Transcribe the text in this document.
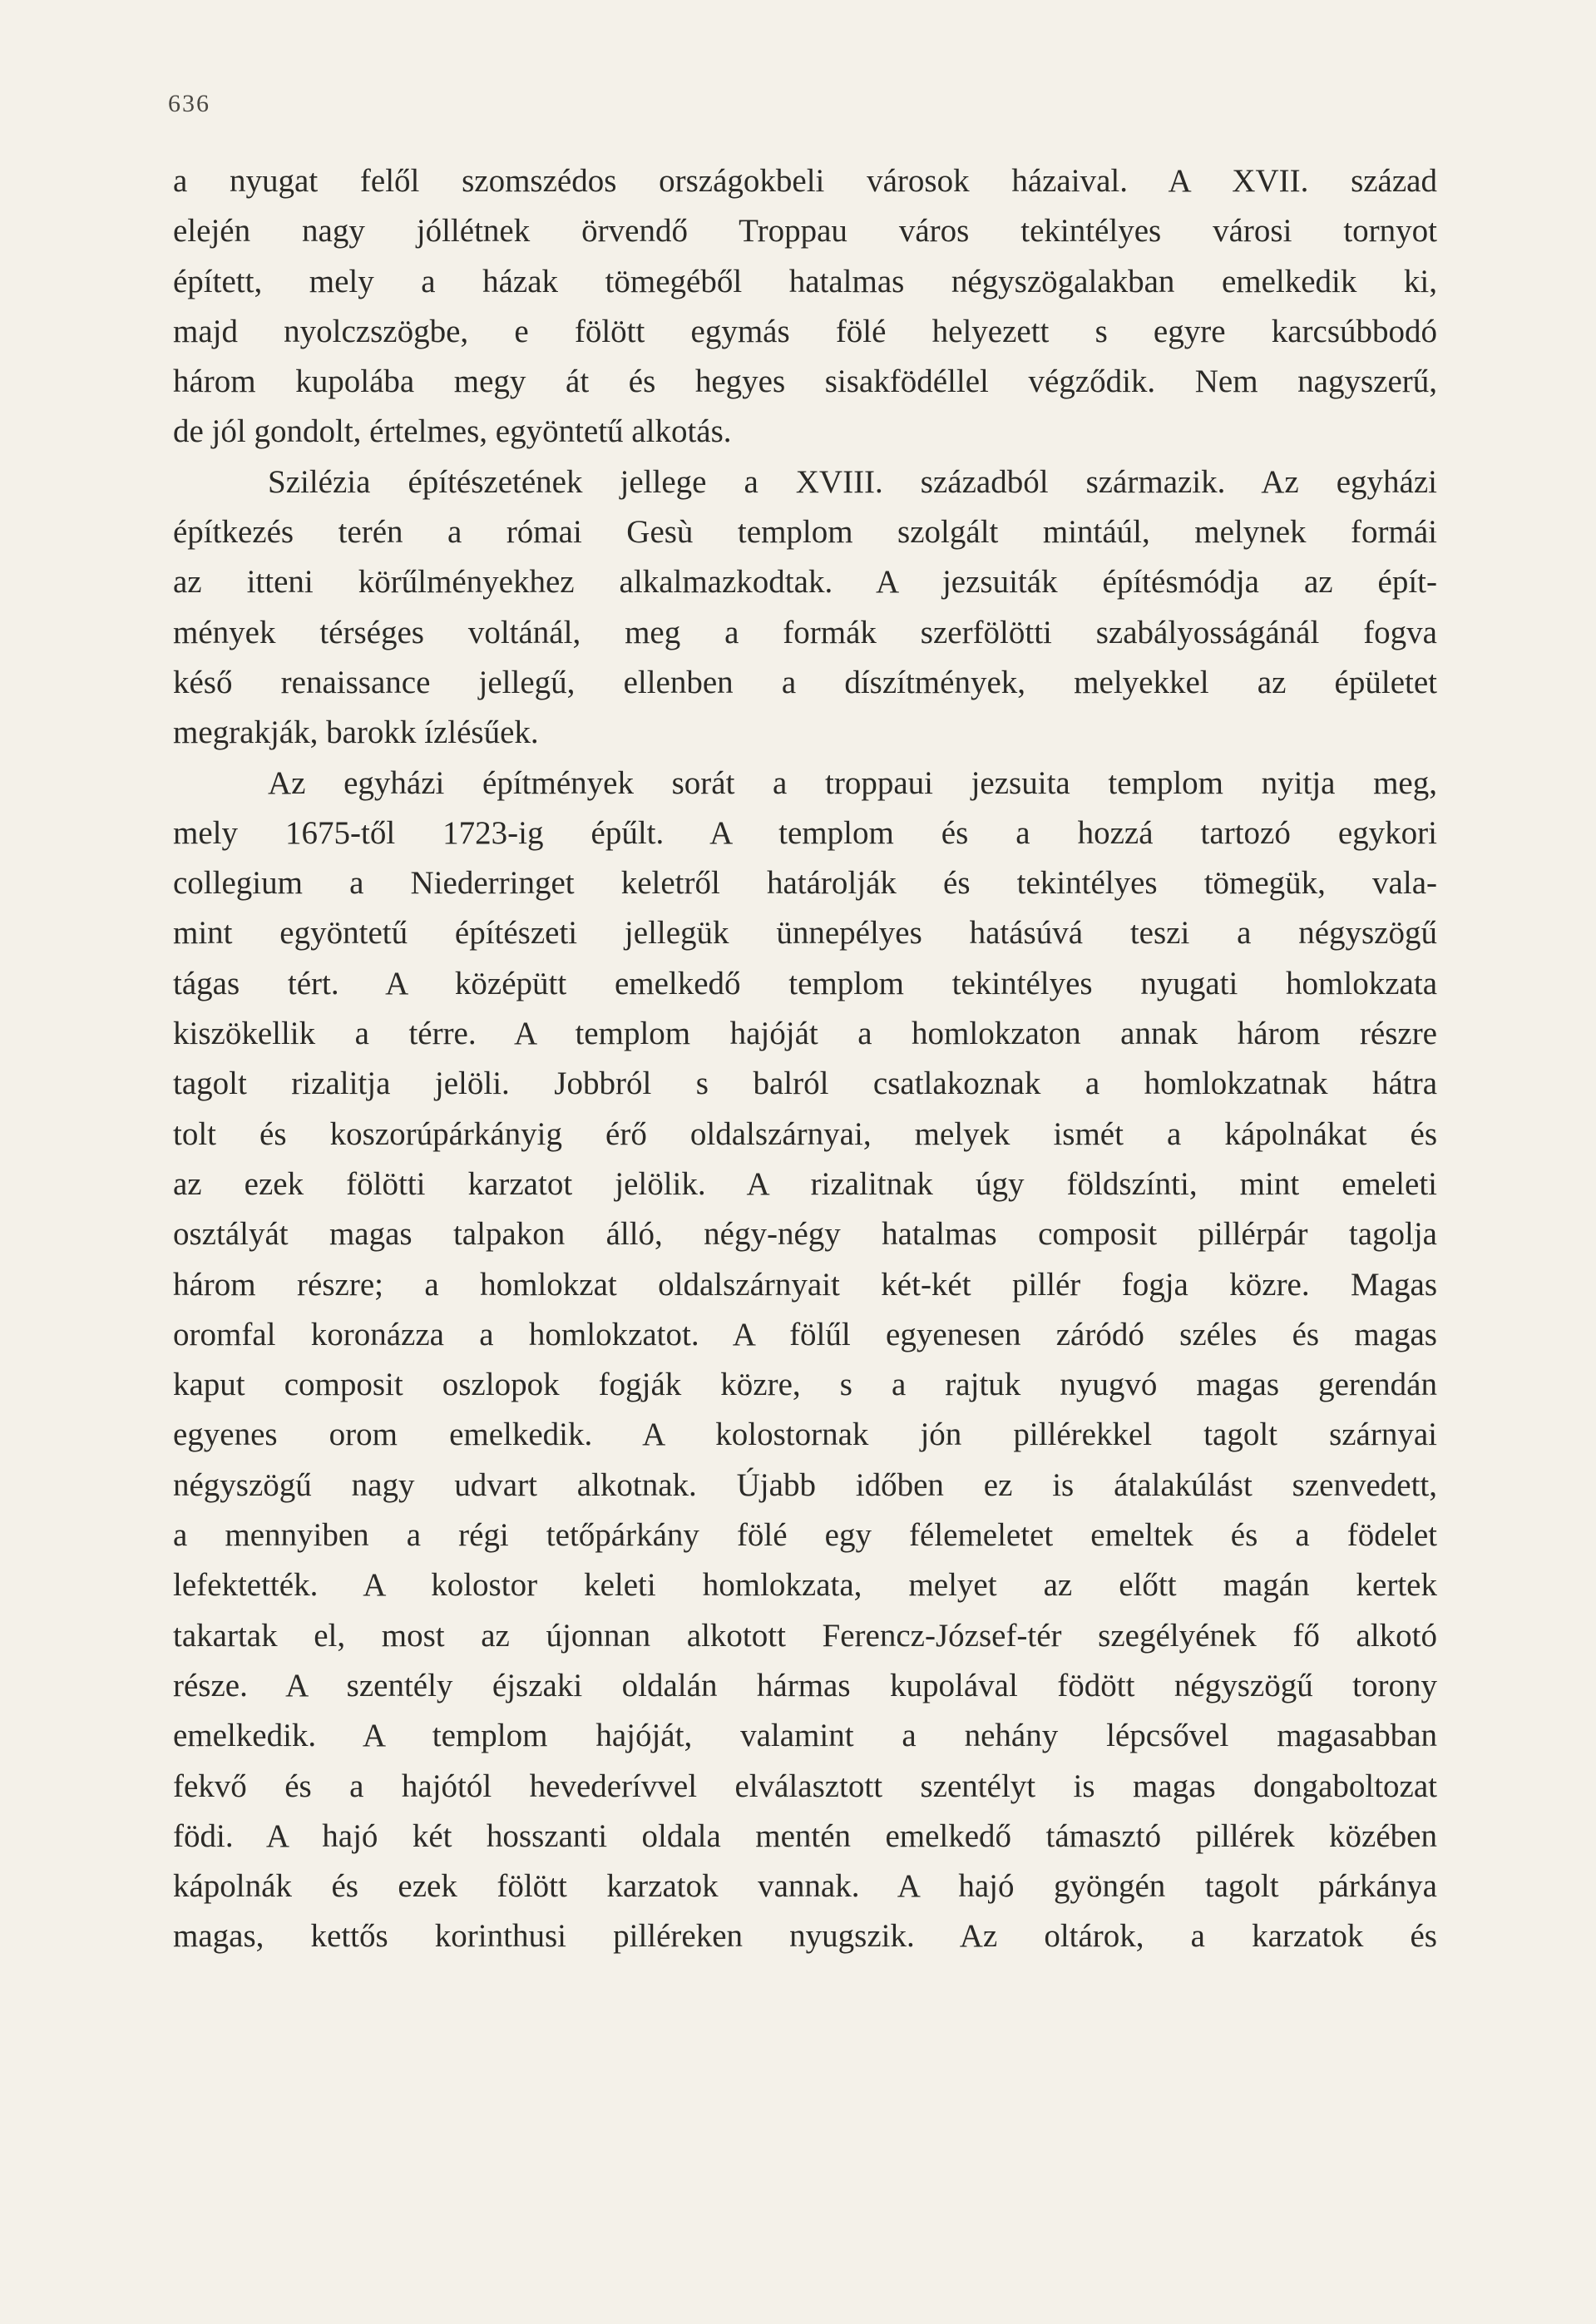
636
a nyugat felől szomszédos országokbeli városok házaival. A XVII. század
elején nagy jóllétnek örvendő Troppau város tekintélyes városi tornyot
épített, mely a házak tömegéből hatalmas négyszögalakban emelkedik ki,
majd nyolczszögbe, e fölött egymás fölé helyezett s egyre karcsúbbodó
három kupolába megy át és hegyes sisakfödéllel végződik. Nem nagyszerű,
de jól gondolt, értelmes, egyöntetű alkotás.
Szilézia építészetének jellege a XVIII. századból származik. Az egyházi
építkezés terén a római Gesù templom szolgált mintáúl, melynek formái
az itteni körűlményekhez alkalmazkodtak. A jezsuiták építésmódja az épít-
mények térséges voltánál, meg a formák szerfölötti szabályosságánál fogva
késő renaissance jellegű, ellenben a díszítmények, melyekkel az épületet
megrakják, barokk ízlésűek.
Az egyházi építmények sorát a troppaui jezsuita templom nyitja meg,
mely 1675-től 1723-ig épűlt. A templom és a hozzá tartozó egykori
collegium a Niederringet keletről határolják és tekintélyes tömegük, vala-
mint egyöntetű építészeti jellegük ünnepélyes hatásúvá teszi a négyszögű
tágas tért. A középütt emelkedő templom tekintélyes nyugati homlokzata
kiszökellik a térre. A templom hajóját a homlokzaton annak három részre
tagolt rizalitja jelöli. Jobbról s balról csatlakoznak a homlokzatnak hátra
tolt és koszorúpárkányig érő oldalszárnyai, melyek ismét a kápolnákat és
az ezek fölötti karzatot jelölik. A rizalitnak úgy földszínti, mint emeleti
osztályát magas talpakon álló, négy-négy hatalmas composit pillérpár tagolja
három részre; a homlokzat oldalszárnyait két-két pillér fogja közre. Magas
oromfal koronázza a homlokzatot. A fölűl egyenesen záródó széles és magas
kaput composit oszlopok fogják közre, s a rajtuk nyugvó magas gerendán
egyenes orom emelkedik. A kolostornak jón pillérekkel tagolt szárnyai
négyszögű nagy udvart alkotnak. Újabb időben ez is átalakúlást szenvedett,
a mennyiben a régi tetőpárkány fölé egy félemeletet emeltek és a födelet
lefektették. A kolostor keleti homlokzata, melyet az előtt magán kertek
takartak el, most az újonnan alkotott Ferencz-József-tér szegélyének fő alkotó
része. A szentély éjszaki oldalán hármas kupolával födött négyszögű torony
emelkedik. A templom hajóját, valamint a nehány lépcsővel magasabban
fekvő és a hajótól hevederívvel elválasztott szentélyt is magas dongaboltozat
födi. A hajó két hosszanti oldala mentén emelkedő támasztó pillérek közében
kápolnák és ezek fölött karzatok vannak. A hajó gyöngén tagolt párkánya
magas, kettős korinthusi pilléreken nyugszik. Az oltárok, a karzatok és
